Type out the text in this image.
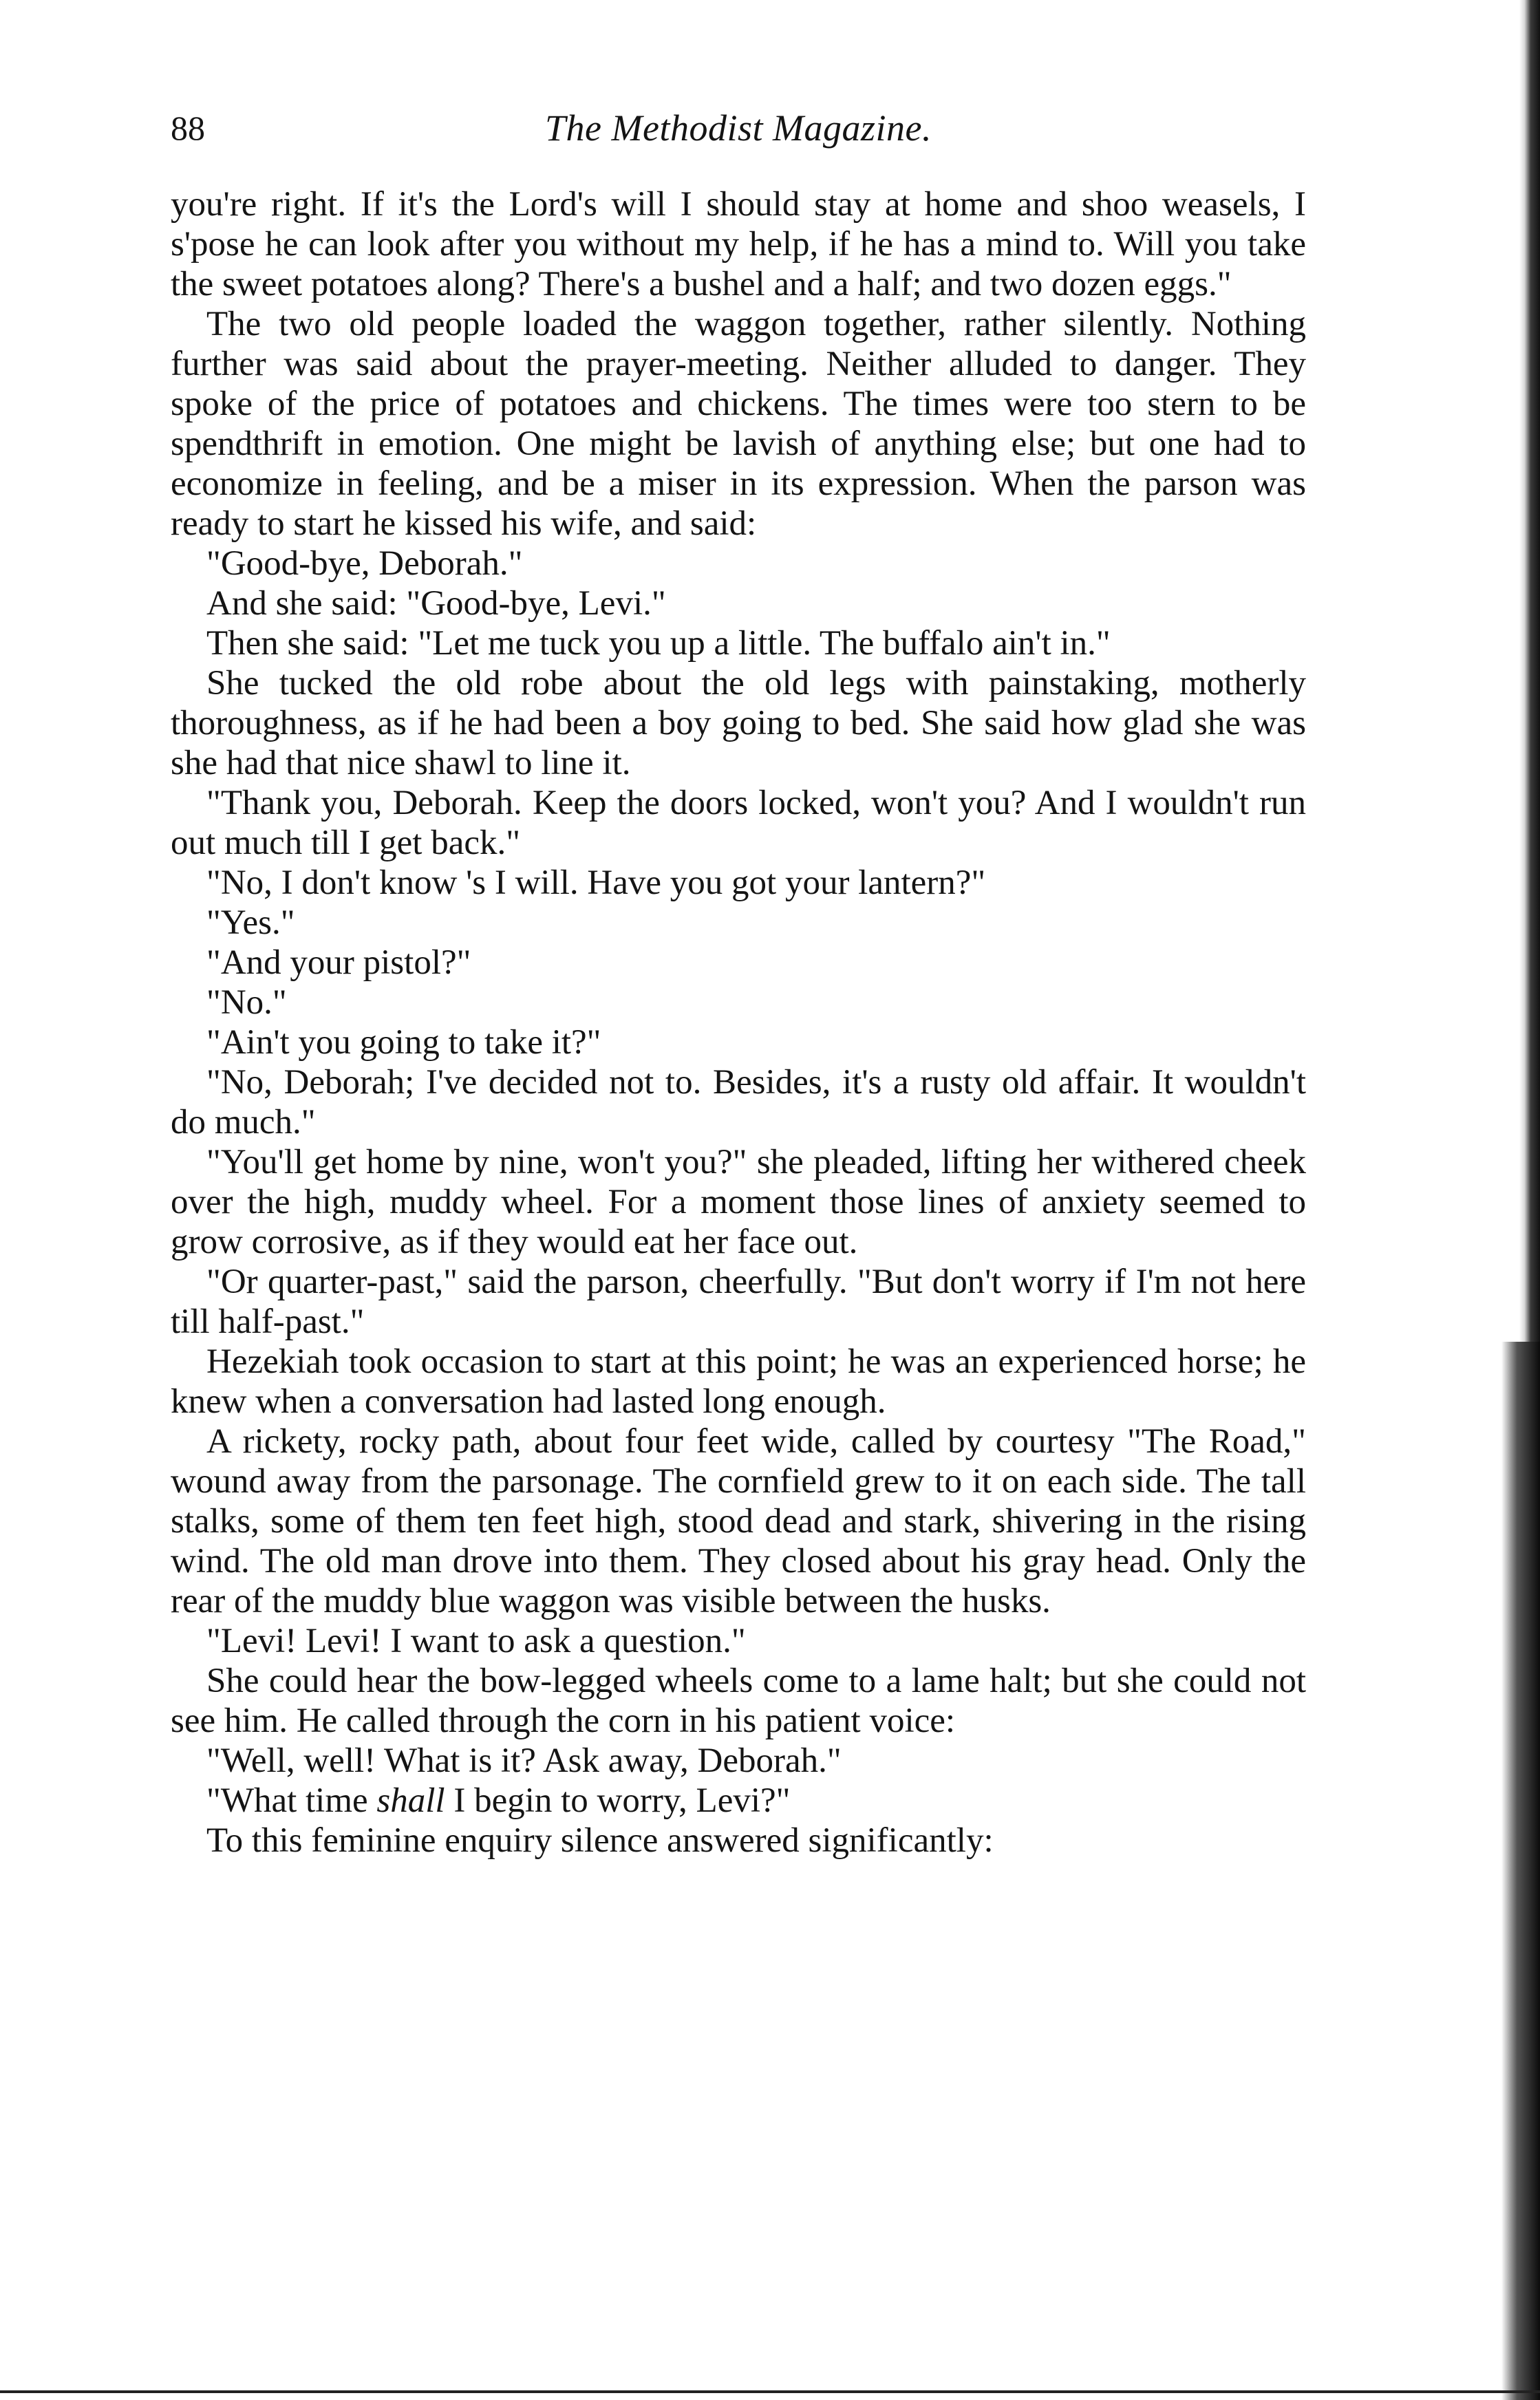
88	The Methodist Magazine.

you're right. If it's the Lord's will I should stay at home and shoo weasels, I s'pose he can look after you without my help, if he has a mind to. Will you take the sweet potatoes along? There's a bushel and a half; and two dozen eggs."

The two old people loaded the waggon together, rather silently. Nothing further was said about the prayer-meeting. Neither alluded to danger. They spoke of the price of potatoes and chickens. The times were too stern to be spendthrift in emotion. One might be lavish of anything else; but one had to economize in feeling, and be a miser in its expression. When the parson was ready to start he kissed his wife, and said:

"Good-bye, Deborah."

And she said: "Good-bye, Levi."

Then she said: "Let me tuck you up a little. The buffalo ain't in."

She tucked the old robe about the old legs with painstaking, motherly thoroughness, as if he had been a boy going to bed. She said how glad she was she had that nice shawl to line it.

"Thank you, Deborah. Keep the doors locked, won't you? And I wouldn't run out much till I get back."

"No, I don't know 's I will. Have you got your lantern?"

"Yes."

"And your pistol?"

"No."

"Ain't you going to take it?"

"No, Deborah; I've decided not to. Besides, it's a rusty old affair. It wouldn't do much."

"You'll get home by nine, won't you?" she pleaded, lifting her withered cheek over the high, muddy wheel. For a moment those lines of anxiety seemed to grow corrosive, as if they would eat her face out.

"Or quarter-past," said the parson, cheerfully. "But don't worry if I'm not here till half-past."

Hezekiah took occasion to start at this point; he was an experienced horse; he knew when a conversation had lasted long enough.

A rickety, rocky path, about four feet wide, called by courtesy "The Road," wound away from the parsonage. The cornfield grew to it on each side. The tall stalks, some of them ten feet high, stood dead and stark, shivering in the rising wind. The old man drove into them. They closed about his gray head. Only the rear of the muddy blue waggon was visible between the husks.

"Levi! Levi! I want to ask a question."

She could hear the bow-legged wheels come to a lame halt; but she could not see him. He called through the corn in his patient voice:

"Well, well! What is it? Ask away, Deborah."

"What time shall I begin to worry, Levi?"

To this feminine enquiry silence answered significantly:
